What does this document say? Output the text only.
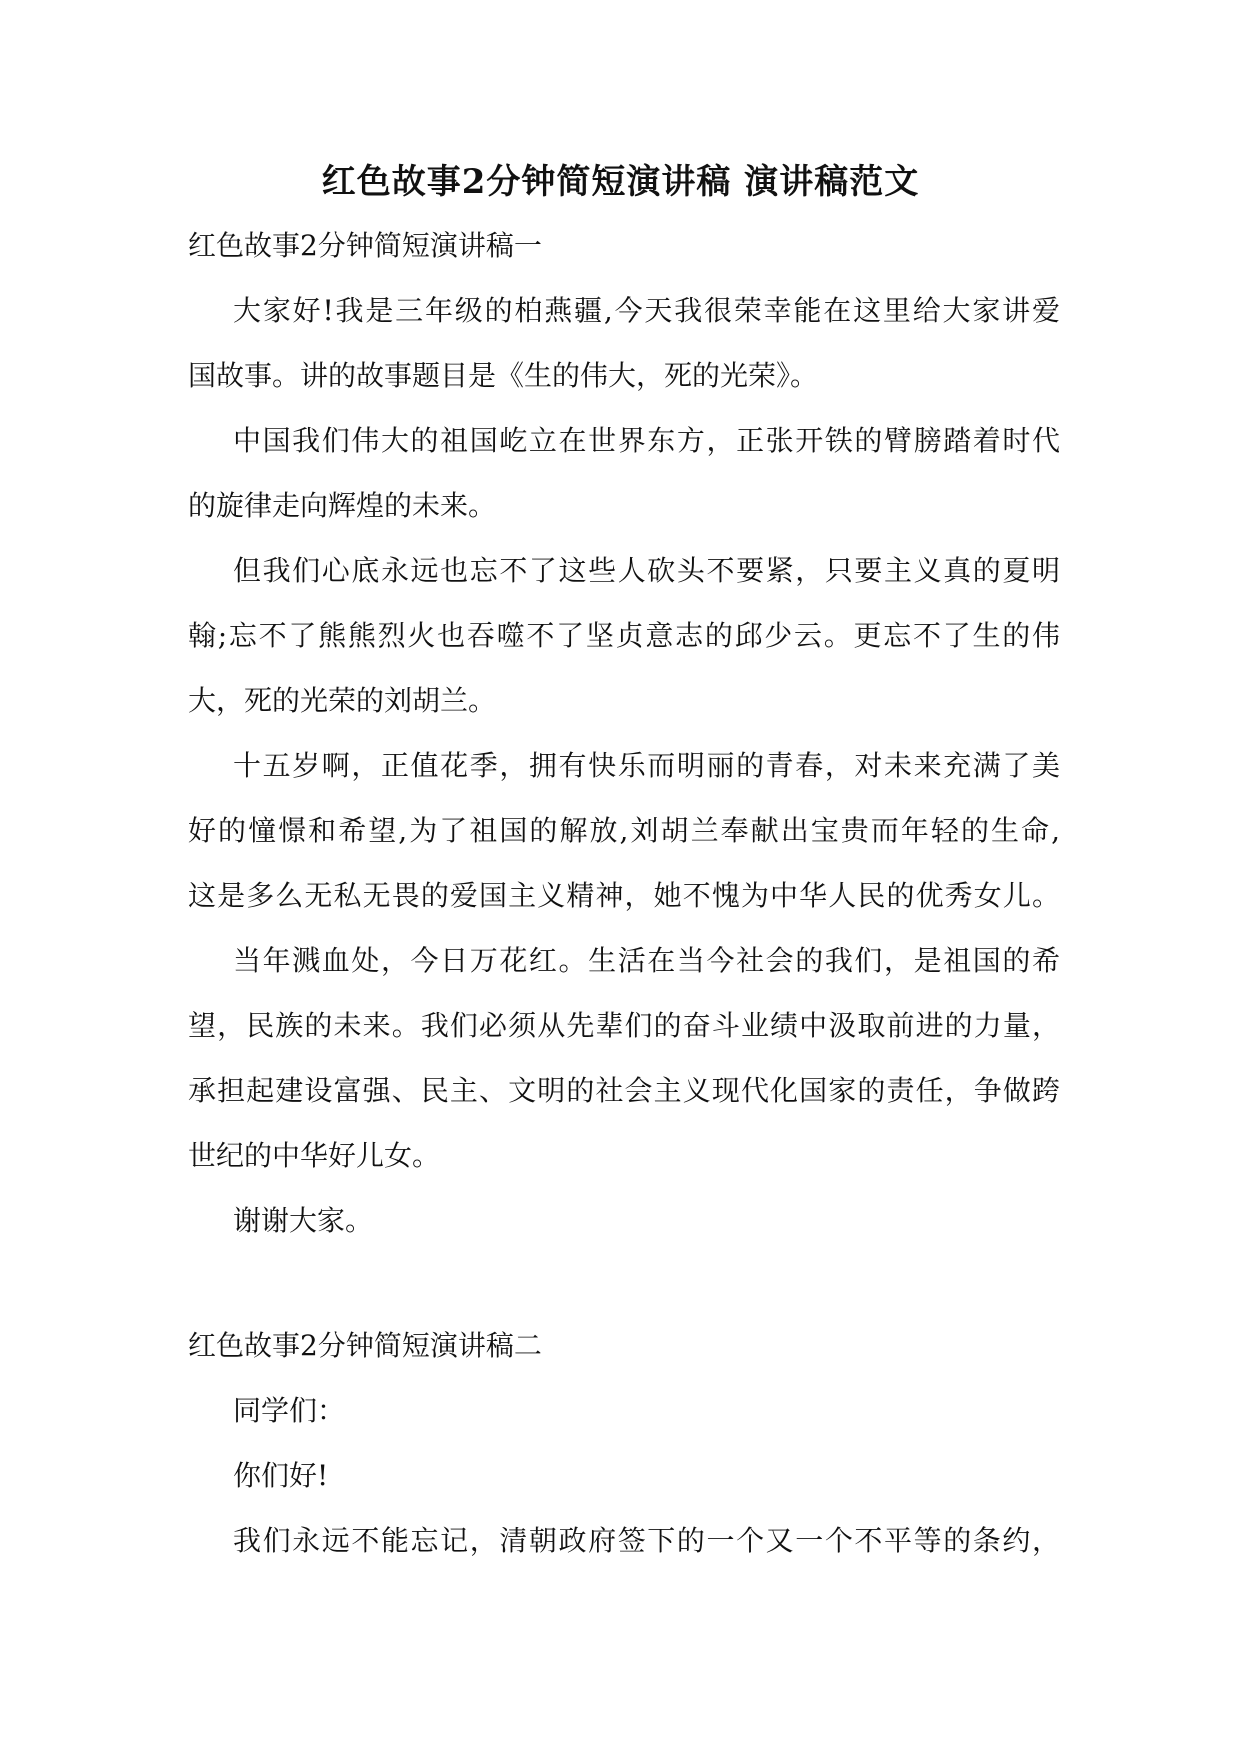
红色故事2分钟简短演讲稿 演讲稿范文
红色故事2分钟简短演讲稿一
大家好!我是三年级的柏燕疆,今天我很荣幸能在这里给大家讲爱
国故事。讲的故事题目是《生的伟大，死的光荣》。
中国我们伟大的祖国屹立在世界东方，正张开铁的臂膀踏着时代
的旋律走向辉煌的未来。
但我们心底永远也忘不了这些人砍头不要紧，只要主义真的夏明
翰;忘不了熊熊烈火也吞噬不了坚贞意志的邱少云。更忘不了生的伟
大，死的光荣的刘胡兰。
十五岁啊，正值花季，拥有快乐而明丽的青春，对未来充满了美
好的憧憬和希望,为了祖国的解放,刘胡兰奉献出宝贵而年轻的生命,
这是多么无私无畏的爱国主义精神，她不愧为中华人民的优秀女儿。
当年溅血处，今日万花红。生活在当今社会的我们，是祖国的希
望，民族的未来。我们必须从先辈们的奋斗业绩中汲取前进的力量，
承担起建设富强、民主、文明的社会主义现代化国家的责任，争做跨
世纪的中华好儿女。
谢谢大家。
红色故事2分钟简短演讲稿二
同学们：
你们好!
我们永远不能忘记，清朝政府签下的一个又一个不平等的条约，
